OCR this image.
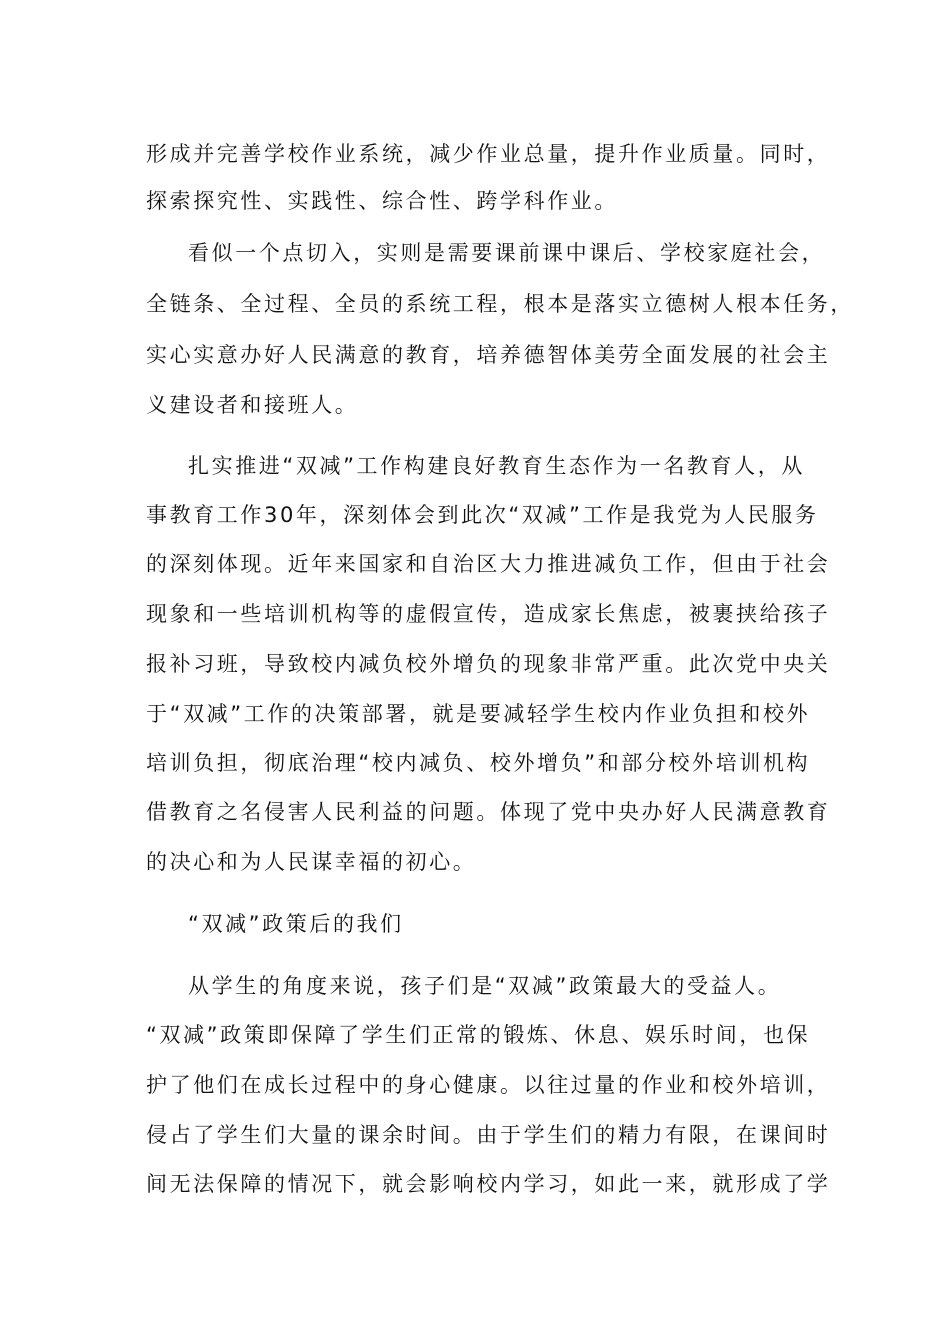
形成并完善学校作业系统，减少作业总量，提升作业质量。同时，
探索探究性、实践性、综合性、跨学科作业。
看似一个点切入，实则是需要课前课中课后、学校家庭社会，
全链条、全过程、全员的系统工程，根本是落实立德树人根本任务，
实心实意办好人民满意的教育，培养德智体美劳全面发展的社会主
义建设者和接班人。
扎实推进“双减”工作构建良好教育生态作为一名教育人，从
事教育工作30年，深刻体会到此次“双减”工作是我党为人民服务
的深刻体现。近年来国家和自治区大力推进减负工作，但由于社会
现象和一些培训机构等的虚假宣传，造成家长焦虑，被裹挟给孩子
报补习班，导致校内减负校外增负的现象非常严重。此次党中央关
于“双减”工作的决策部署，就是要减轻学生校内作业负担和校外
培训负担，彻底治理“校内减负、校外增负”和部分校外培训机构
借教育之名侵害人民利益的问题。体现了党中央办好人民满意教育
的决心和为人民谋幸福的初心。
“双减”政策后的我们
从学生的角度来说，孩子们是“双减”政策最大的受益人。
“双减”政策即保障了学生们正常的锻炼、休息、娱乐时间，也保
护了他们在成长过程中的身心健康。以往过量的作业和校外培训，
侵占了学生们大量的课余时间。由于学生们的精力有限，在课间时
间无法保障的情况下，就会影响校内学习，如此一来，就形成了学
